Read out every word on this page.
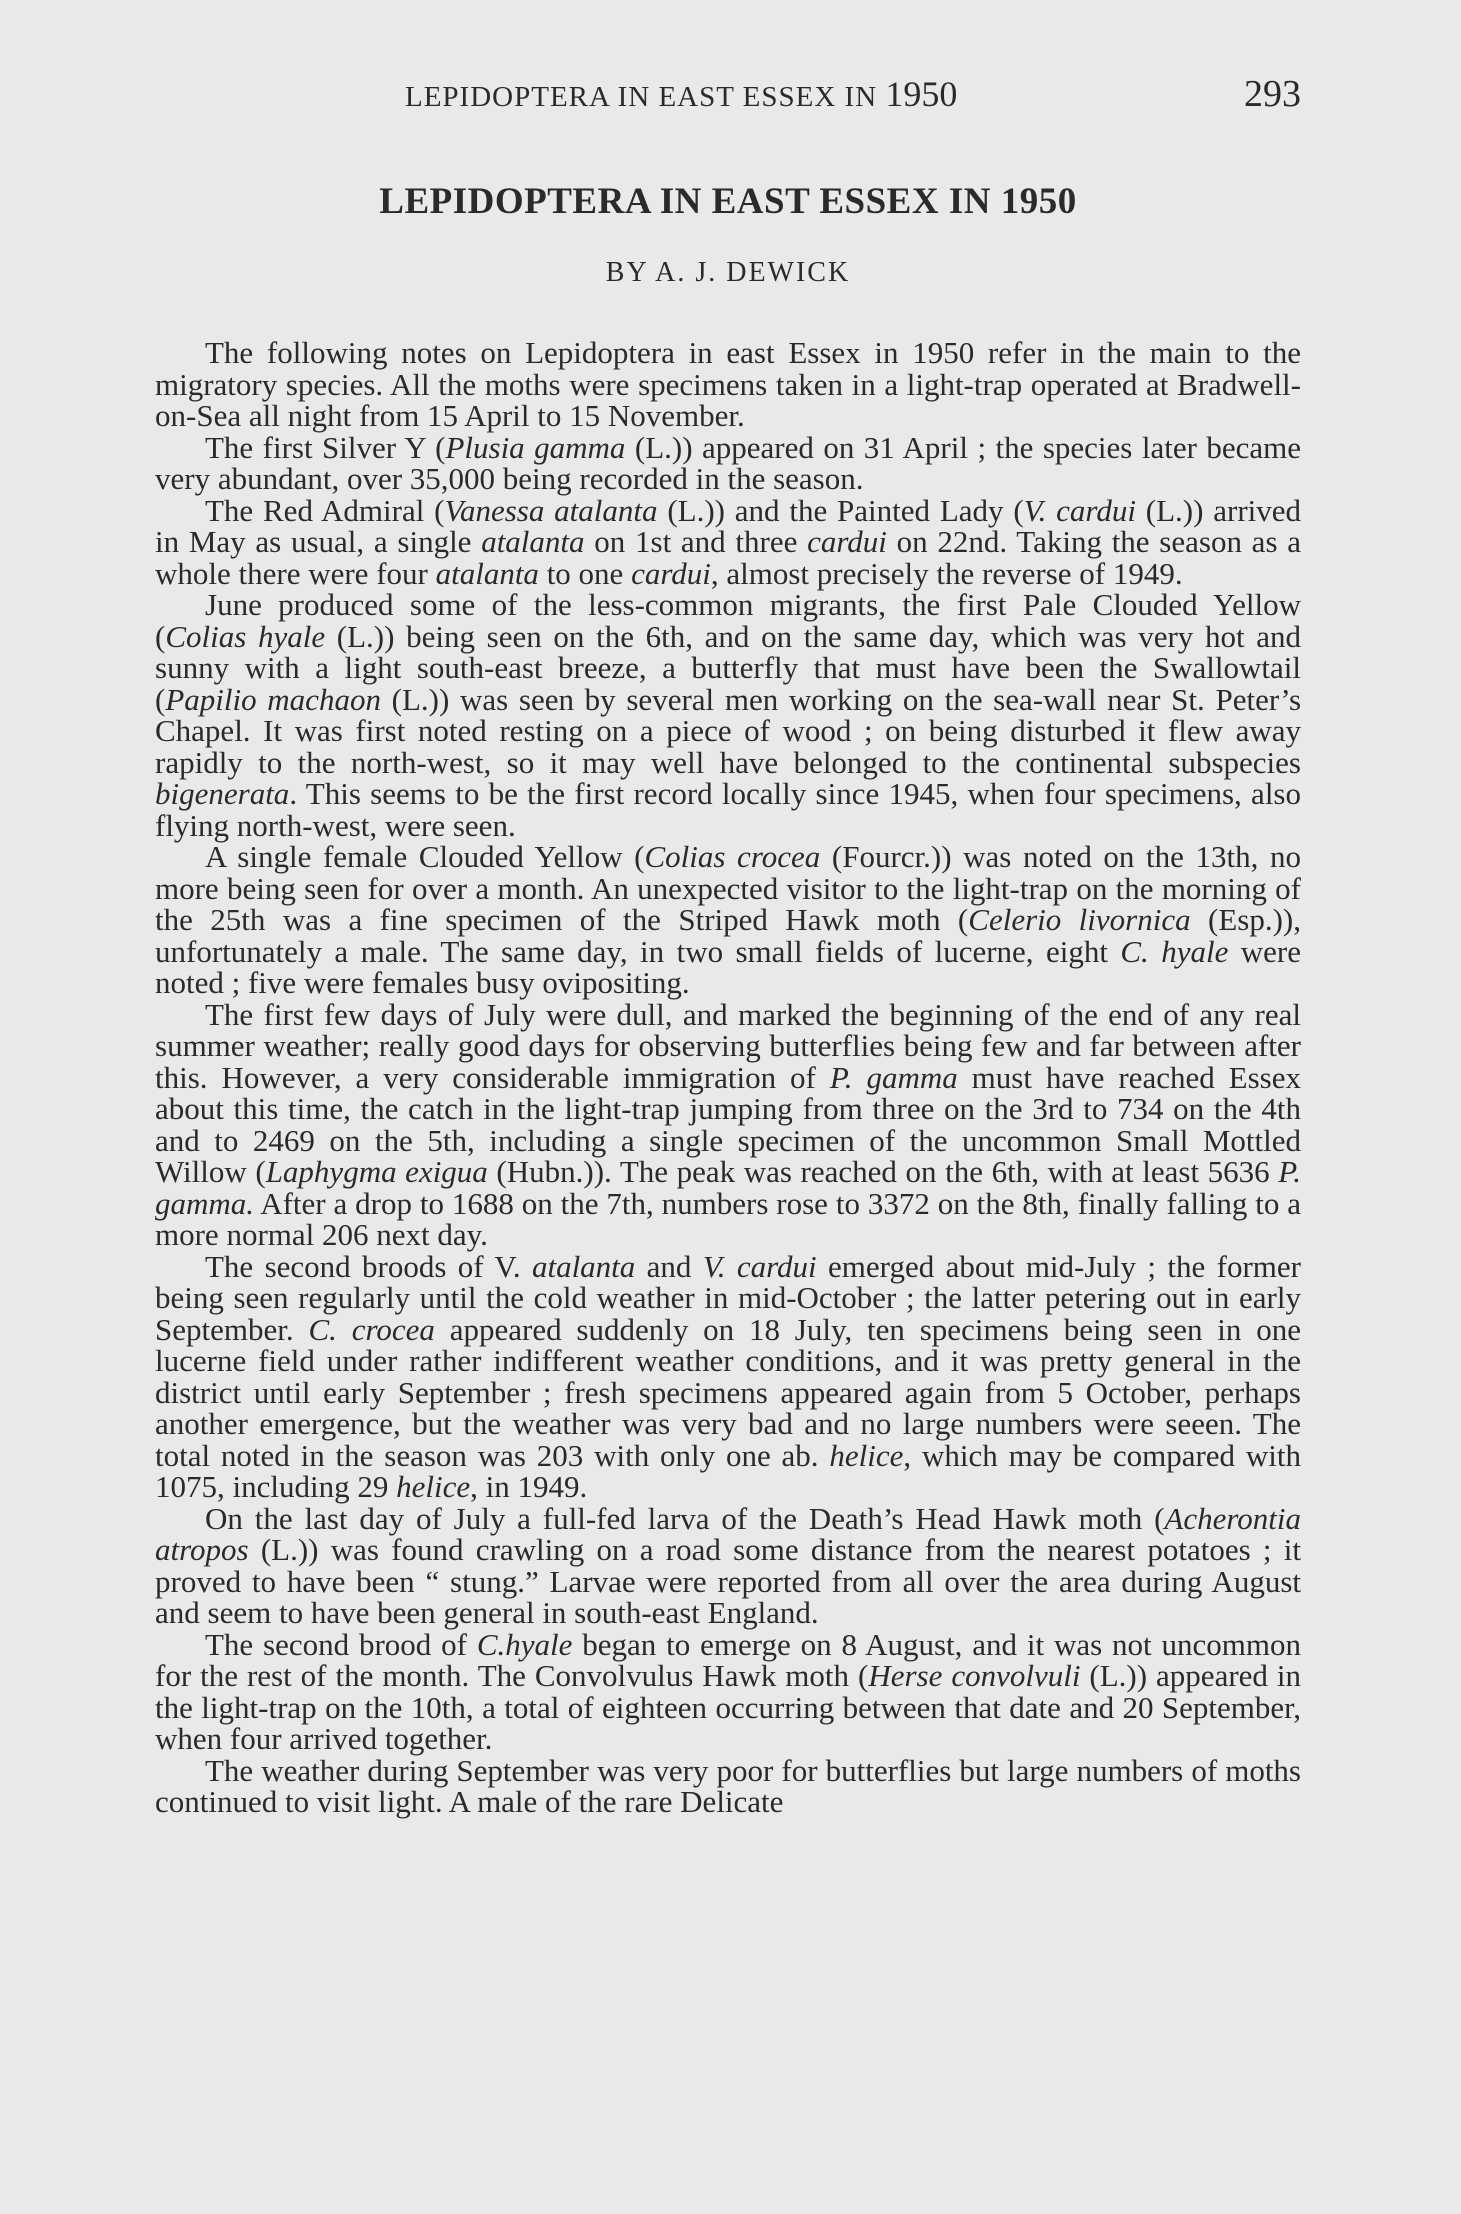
LEPIDOPTERA IN EAST ESSEX IN 1950	293
LEPIDOPTERA IN EAST ESSEX IN 1950
BY A. J. DEWICK

The following notes on Lepidoptera in east Essex in 1950 refer in the main to the migratory species. All the moths were specimens taken in a light-trap operated at Bradwell-on-Sea all night from 15 April to 15 November.

The first Silver Y (Plusia gamma (L.)) appeared on 31 April ; the species later became very abundant, over 35,000 being recorded in the season.

The Red Admiral (Vanessa atalanta (L.)) and the Painted Lady (V. cardui (L.)) arrived in May as usual, a single atalanta on 1st and three cardui on 22nd. Taking the season as a whole there were four atalanta to one cardui, almost precisely the reverse of 1949.

June produced some of the less-common migrants, the first Pale Clouded Yellow (Colias hyale (L.)) being seen on the 6th, and on the same day, which was very hot and sunny with a light south-east breeze, a butterfly that must have been the Swallowtail (Papilio machaon (L.)) was seen by several men working on the sea-wall near St. Peter’s Chapel. It was first noted resting on a piece of wood ; on being disturbed it flew away rapidly to the north-west, so it may well have belonged to the continental subspecies bigenerata. This seems to be the first record locally since 1945, when four specimens, also flying north-west, were seen.

A single female Clouded Yellow (Colias crocea (Fourcr.)) was noted on the 13th, no more being seen for over a month. An unexpected visitor to the light-trap on the morning of the 25th was a fine specimen of the Striped Hawk moth (Celerio livornica (Esp.)), unfortunately a male. The same day, in two small fields of lucerne, eight C. hyale were noted ; five were females busy ovipositing.

The first few days of July were dull, and marked the beginning of the end of any real summer weather; really good days for observing butterflies being few and far between after this. However, a very considerable immigration of P. gamma must have reached Essex about this time, the catch in the light-trap jumping from three on the 3rd to 734 on the 4th and to 2469 on the 5th, including a single specimen of the uncommon Small Mottled Willow (Laphygma exigua (Hubn.)). The peak was reached on the 6th, with at least 5636 P. gamma. After a drop to 1688 on the 7th, numbers rose to 3372 on the 8th, finally falling to a more normal 206 next day.

The second broods of V. atalanta and V. cardui emerged about mid-July ; the former being seen regularly until the cold weather in mid-October ; the latter petering out in early September. C. crocea appeared suddenly on 18 July, ten specimens being seen in one lucerne field under rather indifferent weather conditions, and it was pretty general in the district until early September ; fresh specimens appeared again from 5 October, perhaps another emergence, but the weather was very bad and no large numbers were seeen. The total noted in the season was 203 with only one ab. helice, which may be compared with 1075, including 29 helice, in 1949.

On the last day of July a full-fed larva of the Death’s Head Hawk moth (Acherontia atropos (L.)) was found crawling on a road some distance from the nearest potatoes ; it proved to have been “ stung.” Larvae were reported from all over the area during August and seem to have been general in south-east England.

The second brood of C.hyale began to emerge on 8 August, and it was not uncommon for the rest of the month. The Convolvulus Hawk moth (Herse convolvuli (L.)) appeared in the light-trap on the 10th, a total of eighteen occurring between that date and 20 September, when four arrived together.

The weather during September was very poor for butterflies but large numbers of moths continued to visit light. A male of the rare Delicate
